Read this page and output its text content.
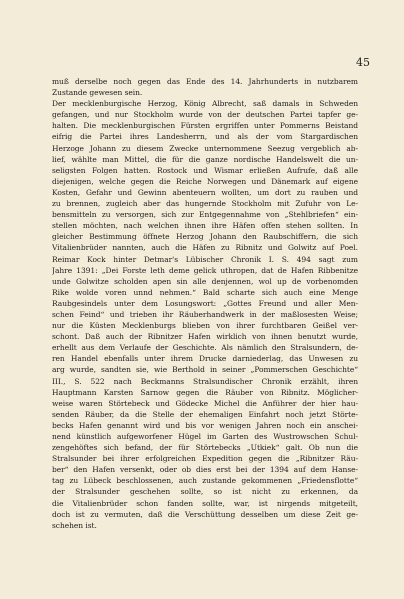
45
muß derselbe noch gegen das Ende des 14. Jahrhunderts in nutzbarem
Zustande gewesen sein.
Der mecklenburgische Herzog, König Albrecht, saß damals in Schweden
gefangen, und nur Stockholm wurde von der deutschen Partei tapfer ge-
halten. Die mecklenburgischen Fürsten ergriffen unter Pommerns Beistand
eifrig die Partei ihres Landesherrn, und als der vom Stargardischen
Herzoge Johann zu diesem Zwecke unternommene Seezug vergeblich ab-
lief, wählte man Mittel, die für die ganze nordische Handelswelt die un-
seligsten Folgen hatten. Rostock und Wismar erließen Aufrufe, daß alle
diejenigen, welche gegen die Reiche Norwegen und Dänemark auf eigene
Kosten, Gefahr und Gewinn abenteuern wollten, um dort zu rauben und
zu brennen, zugleich aber das hungernde Stockholm mit Zufuhr von Le-
bensmitteln zu versorgen, sich zur Entgegennahme von „Stehlbriefen“ ein-
stellen möchten, nach welchen ihnen ihre Häfen offen stehen sollten. In
gleicher Bestimmung öffnete Herzog Johann den Raubschiffern, die sich
Vitalienbrüder nannten, auch die Häfen zu Ribnitz und Golwitz auf Poel.
Reimar Kock hinter Detmar's Lübischer Chronik I. S. 494 sagt zum
Jahre 1391: „Dei Forste leth deme gelick uthropen, dat de Hafen Ribbenitze
unde Golwitze scholden apen sin alle denjennen, wol up de vorbenomden
Rike wolde voren unnd nehmen.“ Bald scharte sich auch eine Menge
Raubgesindels unter dem Losungswort: „Gottes Freund und aller Men-
schen Feind“ und trieben ihr Räuberhandwerk in der maßlosesten Weise;
nur die Küsten Mecklenburgs blieben von ihrer furchtbaren Geißel ver-
schont. Daß auch der Ribnitzer Hafen wirklich von ihnen benutzt wurde,
erhellt aus dem Verlaufe der Geschichte. Als nämlich den Stralsundern, de-
ren Handel ebenfalls unter ihrem Drucke darniederlag, das Unwesen zu
arg wurde, sandten sie, wie Berthold in seiner „Pommerschen Geschichte“
III., S. 522 nach Beckmanns Stralsundischer Chronik erzählt, ihren
Hauptmann Karsten Sarnow gegen die Räuber von Ribnitz. Möglicher-
weise waren Störtebeck und Gödecke Michel die Anführer der hier hau-
senden Räuber, da die Stelle der ehemaligen Einfahrt noch jetzt Störte-
becks Hafen genannt wird und bis vor wenigen Jahren noch ein anschei-
nend künstlich aufgeworfener Hügel im Garten des Wustrowschen Schul-
zengehöftes sich befand, der für Störtebecks „Utkiek“ galt. Ob nun die
Stralsunder bei ihrer erfolgreichen Expedition gegen die „Ribnitzer Räu-
ber“ den Hafen versenkt, oder ob dies erst bei der 1394 auf dem Hanse-
tag zu Lübeck beschlossenen, auch zustande gekommenen „Friedensflotte“
der Stralsunder geschehen sollte, so ist nicht zu erkennen, da
die Vitalienbrüder schon fanden sollte, war, ist nirgends mitgeteilt,
doch ist zu vermuten, daß die Verschüttung desselben um diese Zeit ge-
schehen ist.
